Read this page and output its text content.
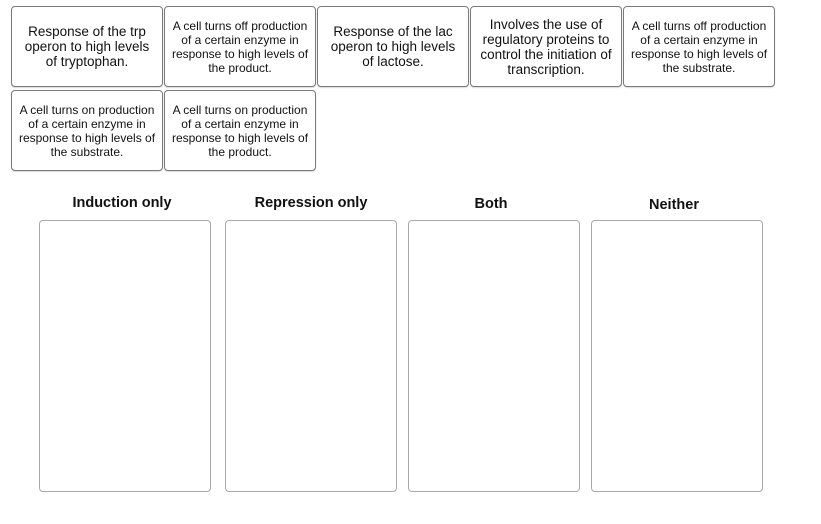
Response of the trp operon to high levels of tryptophan.
A cell turns off production of a certain enzyme in response to high levels of the product.
Response of the lac operon to high levels of lactose.
Involves the use of regulatory proteins to control the initiation of transcription.
A cell turns off production of a certain enzyme in response to high levels of the substrate.
A cell turns on production of a certain enzyme in response to high levels of the substrate.
A cell turns on production of a certain enzyme in response to high levels of the product.
Induction only	Repression only	Both	Neither
